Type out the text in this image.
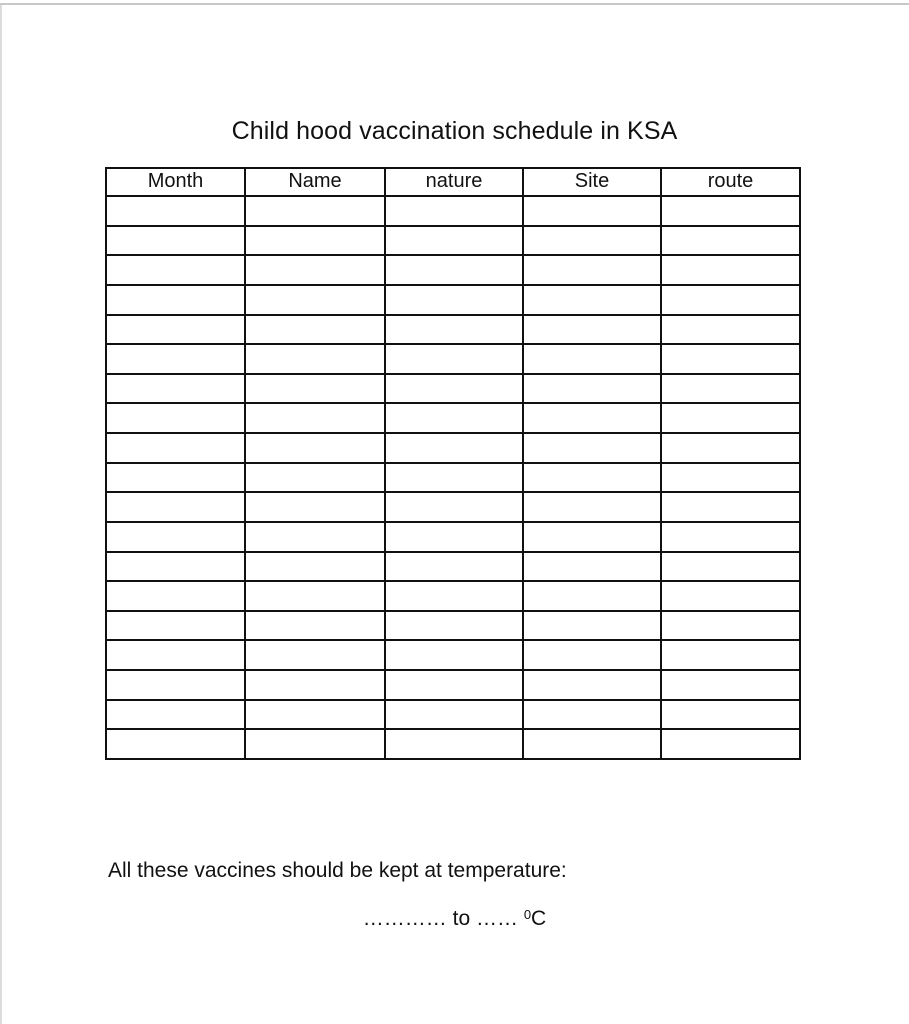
Child hood vaccination schedule in KSA
Month	Name	nature	Site	route

All these vaccines should be kept at temperature:
………… to …… $^0$C
